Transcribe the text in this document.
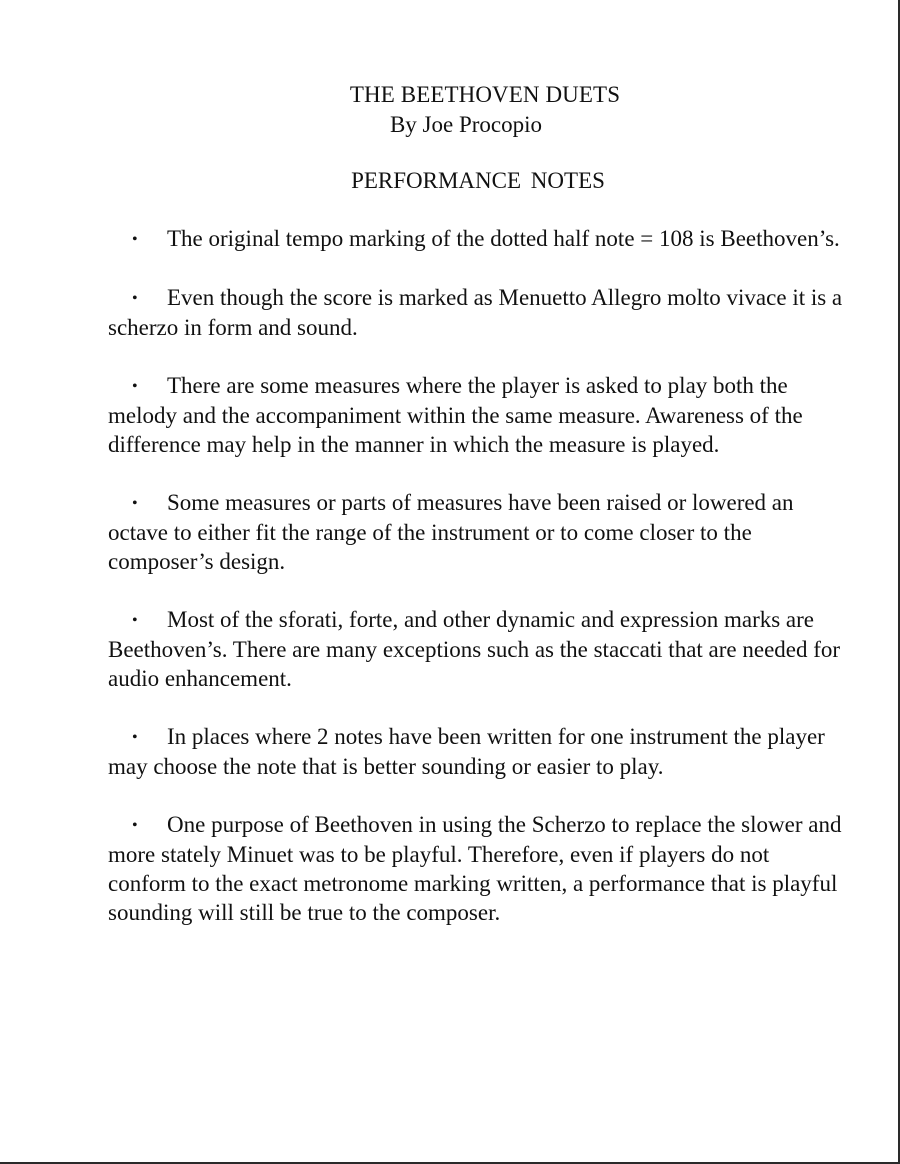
THE BEETHOVEN DUETS

By Joe Procopio

PERFORMANCE NOTES
• The original tempo marking of the dotted half note = 108 is Beethoven’s.
• Even though the score is marked as Menuetto Allegro molto vivace it is a scherzo in form and sound.
• There are some measures where the player is asked to play both the melody and the accompaniment within the same measure. Awareness of the difference may help in the manner in which the measure is played.
• Some measures or parts of measures have been raised or lowered an octave to either fit the range of the instrument or to come closer to the composer’s design.
• Most of the sforati, forte, and other dynamic and expression marks are Beethoven’s. There are many exceptions such as the staccati that are needed for audio enhancement.
• In places where 2 notes have been written for one instrument the player may choose the note that is better sounding or easier to play.
• One purpose of Beethoven in using the Scherzo to replace the slower and more stately Minuet was to be playful. Therefore, even if players do not conform to the exact metronome marking written, a performance that is playful sounding will still be true to the composer.
